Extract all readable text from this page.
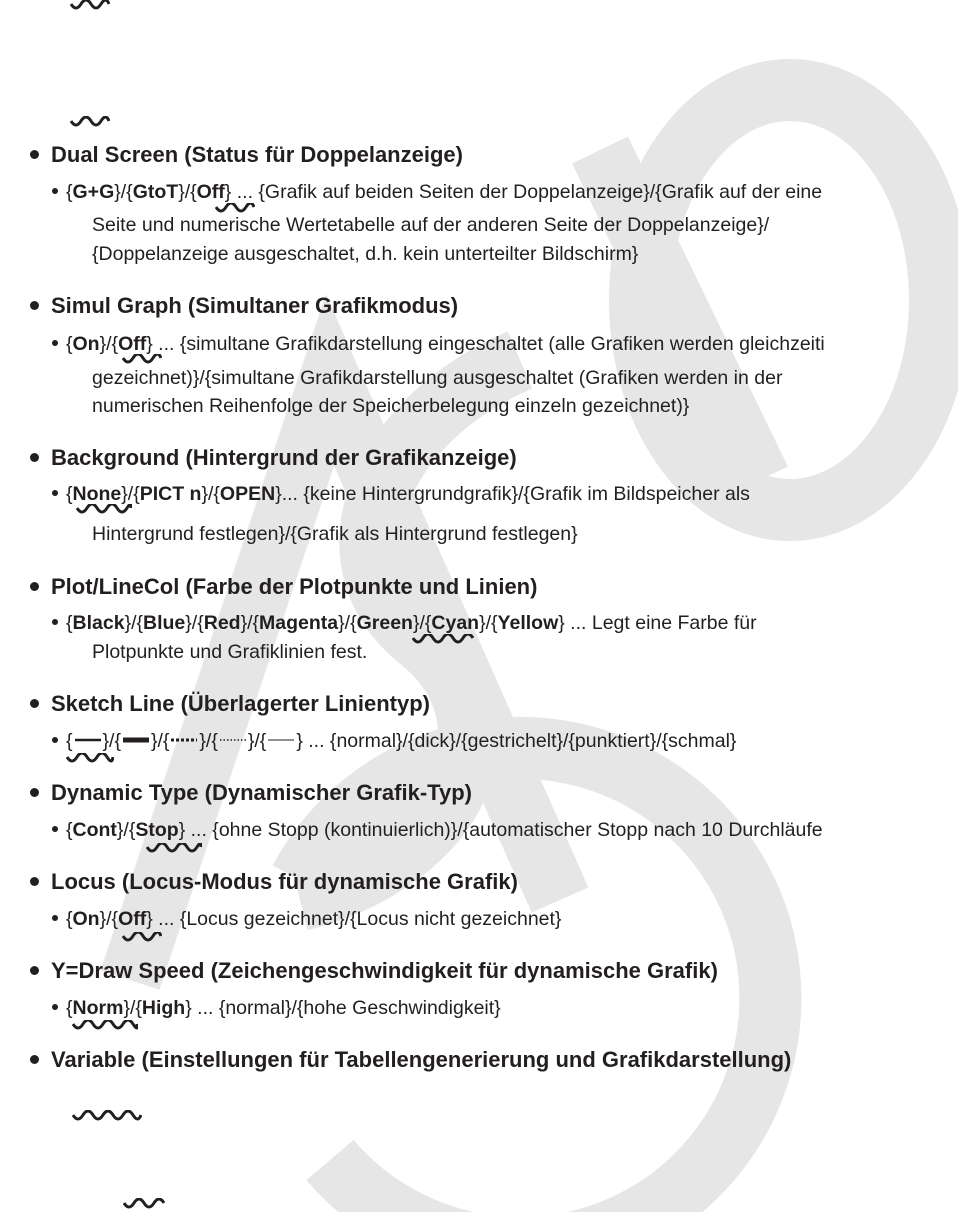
Dual Screen (Status für Doppelanzeige)
{G+G}/{GtoT}/{Off} ... {Grafik auf beiden Seiten der Doppelanzeige}/{Grafik auf der eine
Seite und numerische Wertetabelle auf der anderen Seite der Doppelanzeige}/
{Doppelanzeige ausgeschaltet, d.h. kein unterteilter Bildschirm}
Simul Graph (Simultaner Grafikmodus)
{On}/{Off} ... {simultane Grafikdarstellung eingeschaltet (alle Grafiken werden gleichzeiti
gezeichnet)}/{simultane Grafikdarstellung ausgeschaltet (Grafiken werden in der
numerischen Reihenfolge der Speicherbelegung einzeln gezeichnet)}
Background (Hintergrund der Grafikanzeige)
{None}/{PICT n}/{OPEN}... {keine Hintergrundgrafik}/{Grafik im Bildspeicher als
Hintergrund festlegen}/{Grafik als Hintergrund festlegen}
Plot/LineCol (Farbe der Plotpunkte und Linien)
{Black}/{Blue}/{Red}/{Magenta}/{Green}/{Cyan}/{Yellow} ... Legt eine Farbe für
Plotpunkte und Grafiklinien fest.
Sketch Line (Überlagerter Linientyp)
{ }/{ }/{ }/{ }/{ } ... {normal}/{dick}/{gestrichelt}/{punktiert}/{schmal}
Dynamic Type (Dynamischer Grafik-Typ)
{Cont}/{Stop} ... {ohne Stopp (kontinuierlich)}/{automatischer Stopp nach 10 Durchläufe
Locus (Locus-Modus für dynamische Grafik)
{On}/{Off} ... {Locus gezeichnet}/{Locus nicht gezeichnet}
Y=Draw Speed (Zeichengeschwindigkeit für dynamische Grafik)
{Norm}/{High} ... {normal}/{hohe Geschwindigkeit}
Variable (Einstellungen für Tabellengenerierung und Grafikdarstellung)
